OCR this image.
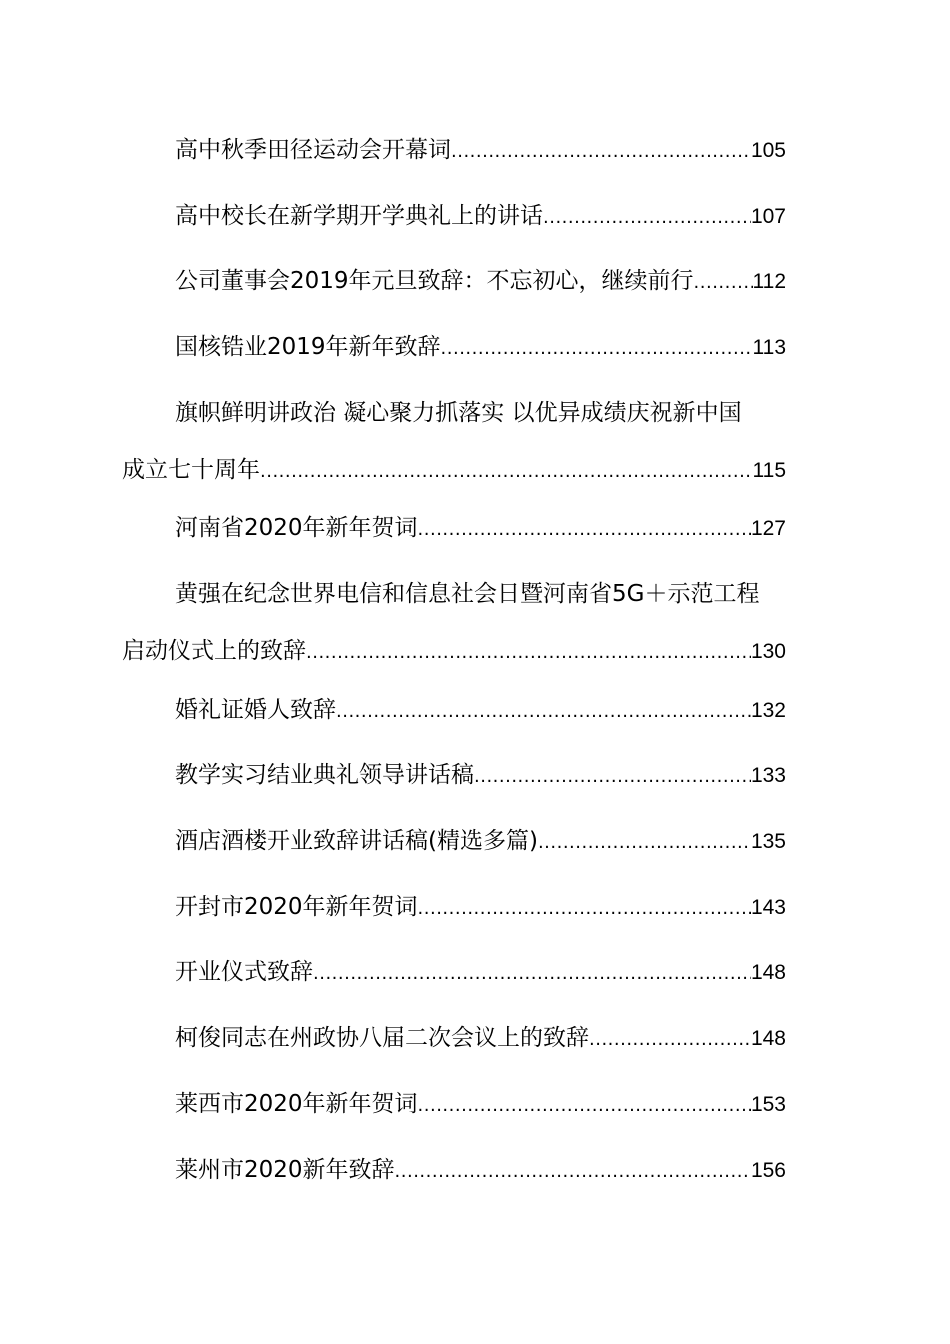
高中秋季田径运动会开幕词 .....	105
高中校长在新学期开学典礼上的讲话 .....	107
公司董事会2019年元旦致辞：不忘初心，继续前行 .....	112
国核锆业2019年新年致辞 .....	113
旗帜鲜明讲政治 凝心聚力抓落实 以优异成绩庆祝新中国
成立七十周年 .....	115
河南省2020年新年贺词 .....	127
黄强在纪念世界电信和信息社会日暨河南省5G＋示范工程
启动仪式上的致辞 .....	130
婚礼证婚人致辞 .....	132
教学实习结业典礼领导讲话稿 .....	133
酒店酒楼开业致辞讲话稿(精选多篇) .....	135
开封市2020年新年贺词 .....	143
开业仪式致辞 .....	148
柯俊同志在州政协八届二次会议上的致辞 .....	148
莱西市2020年新年贺词 .....	153
莱州市2020新年致辞 .....	156
